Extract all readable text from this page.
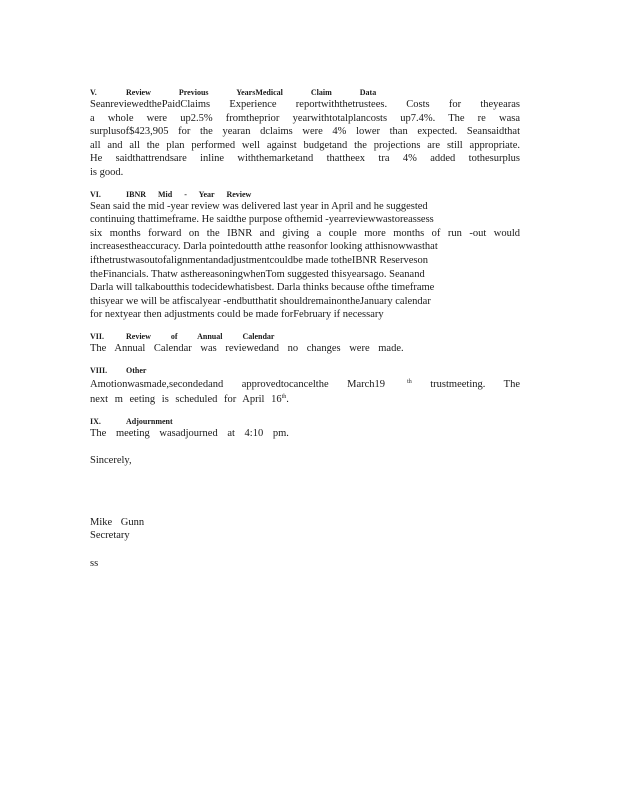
V.	Review Previous YearsMedical Claim Data
SeanreviewedthePaidClaims Experience reportwiththetrustees. Costs for theyearas
a whole were up2.5% fromtheprior yearwithtotalplancosts up7.4%. The re wasa
surplusof$423,905 for the yearan dclaims were 4% lower than expected. Seansaidthat
all and all the plan performed well against budgetand the projections are still appropriate.
He saidthattrendsare inline withthemarketand thattheex tra 4% added tothesurplus
is good.
VI.	IBNR Mid - Year Review
Sean said the mid -year review was delivered last year in April and he suggested
continuing thattimeframe. He saidthe purpose ofthemid -yearreviewwastoreassess
six months forward on the IBNR and giving a couple more months of run -out would
increasestheaccuracy. Darla pointedoutth atthe reasonfor looking atthisnowwasthat
ifthetrustwasoutofalignmentandadjustmentcouldbe made totheIBNR Reserveson
theFinancials. Thatw asthereasoningwhenTom suggested thisyearsago. Seanand
Darla will talkaboutthis todecidewhatisbest. Darla thinks because ofthe timeframe
thisyear we will be atfiscalyear -endbutthatit shouldremainontheJanuary calendar
for nextyear then adjustments could be made forFebruary if necessary
VII.	Review of Annual Calendar
The Annual Calendar was reviewedand no changes were made.
VIII. Other
Amotionwasmade,secondedand approvedtocancelthe March19	$^{th}$ trustmeeting. The
next m eeting is scheduled for April 16th.
IX.	Adjournment
The meeting wasadjourned at 4:10 pm.
Sincerely,
Mike Gunn
Secretary
ss
